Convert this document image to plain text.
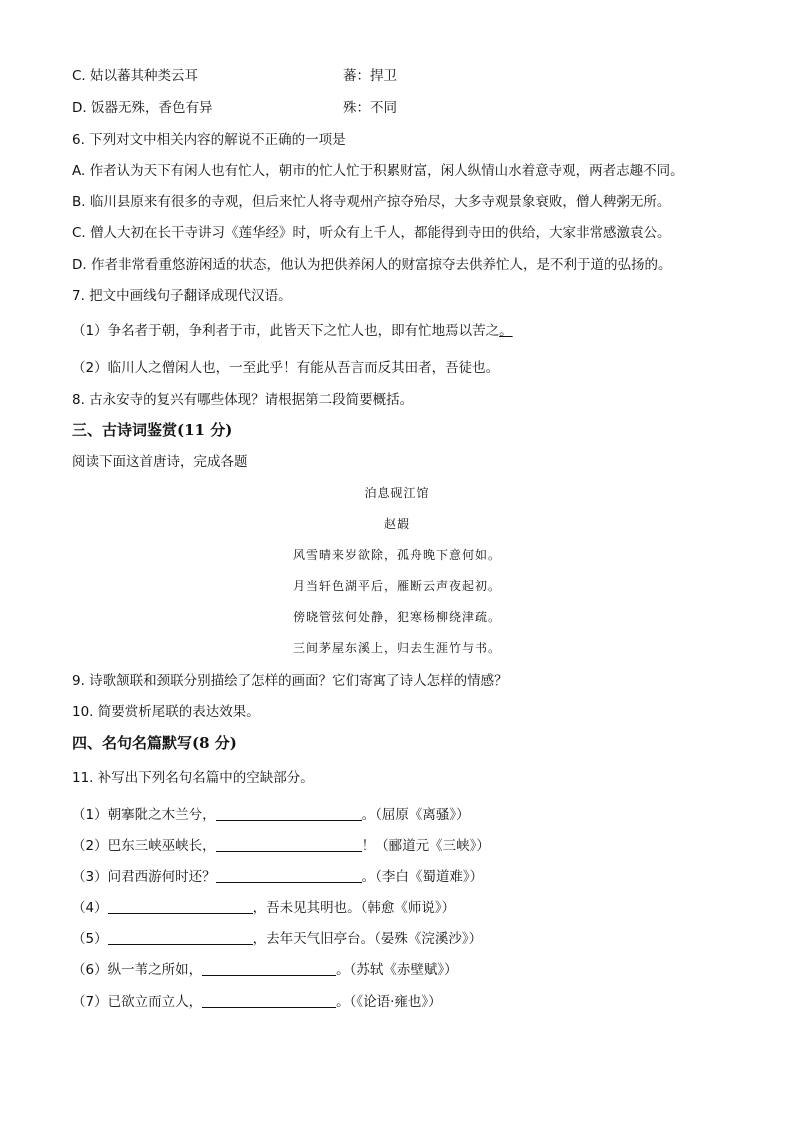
C. 姑以蕃其种类云耳	蕃：捍卫
D. 饭器无殊，香色有异	殊：不同
6. 下列对文中相关内容的解说不正确的一项是
A. 作者认为天下有闲人也有忙人，朝市的忙人忙于积累财富，闲人纵情山水着意寺观，两者志趣不同。
B. 临川县原来有很多的寺观，但后来忙人将寺观州产掠夺殆尽，大多寺观景象衰败，僧人稗粥无所。
C. 僧人大初在长干寺讲习《莲华经》时，听众有上千人，都能得到寺田的供给，大家非常感激袁公。
D. 作者非常看重悠游闲适的状态，他认为把供养闲人的财富掠夺去供养忙人，是不利于道的弘扬的。
7. 把文中画线句子翻译成现代汉语。
（1）争名者于朝，争利者于市，此皆天下之忙人也，即有忙地焉以苦之。
（2）临川人之僧闲人也，一至此乎！有能从吾言而反其田者，吾徒也。
8. 古永安寺的复兴有哪些体现？请根据第二段简要概括。
三、古诗词鉴赏(11 分)
阅读下面这首唐诗，完成各题
泊息砚江馆
赵嘏
风雪晴来岁欲除，孤舟晚下意何如。
月当轩色湖平后，雁断云声夜起初。
傍晓管弦何处静，犯寒杨柳绕津疏。
三间茅屋东溪上，归去生涯竹与书。
9. 诗歌颔联和颈联分别描绘了怎样的画面？它们寄寓了诗人怎样的情感？
10. 简要赏析尾联的表达效果。
四、名句名篇默写(8 分)
11. 补写出下列名句名篇中的空缺部分。
（1）朝搴阰之木兰兮，	。（屈原《离骚》）
（2）巴东三峡巫峡长，	！（郦道元《三峡》）
（3）问君西游何时还？	。（李白《蜀道难》）
（4）	，吾未见其明也。（韩愈《师说》）
（5）	，去年天气旧亭台。（晏殊《浣溪沙》）
（6）纵一苇之所如，	。（苏轼《赤壁赋》）
（7）已欲立而立人，	。（《论语·雍也》）
